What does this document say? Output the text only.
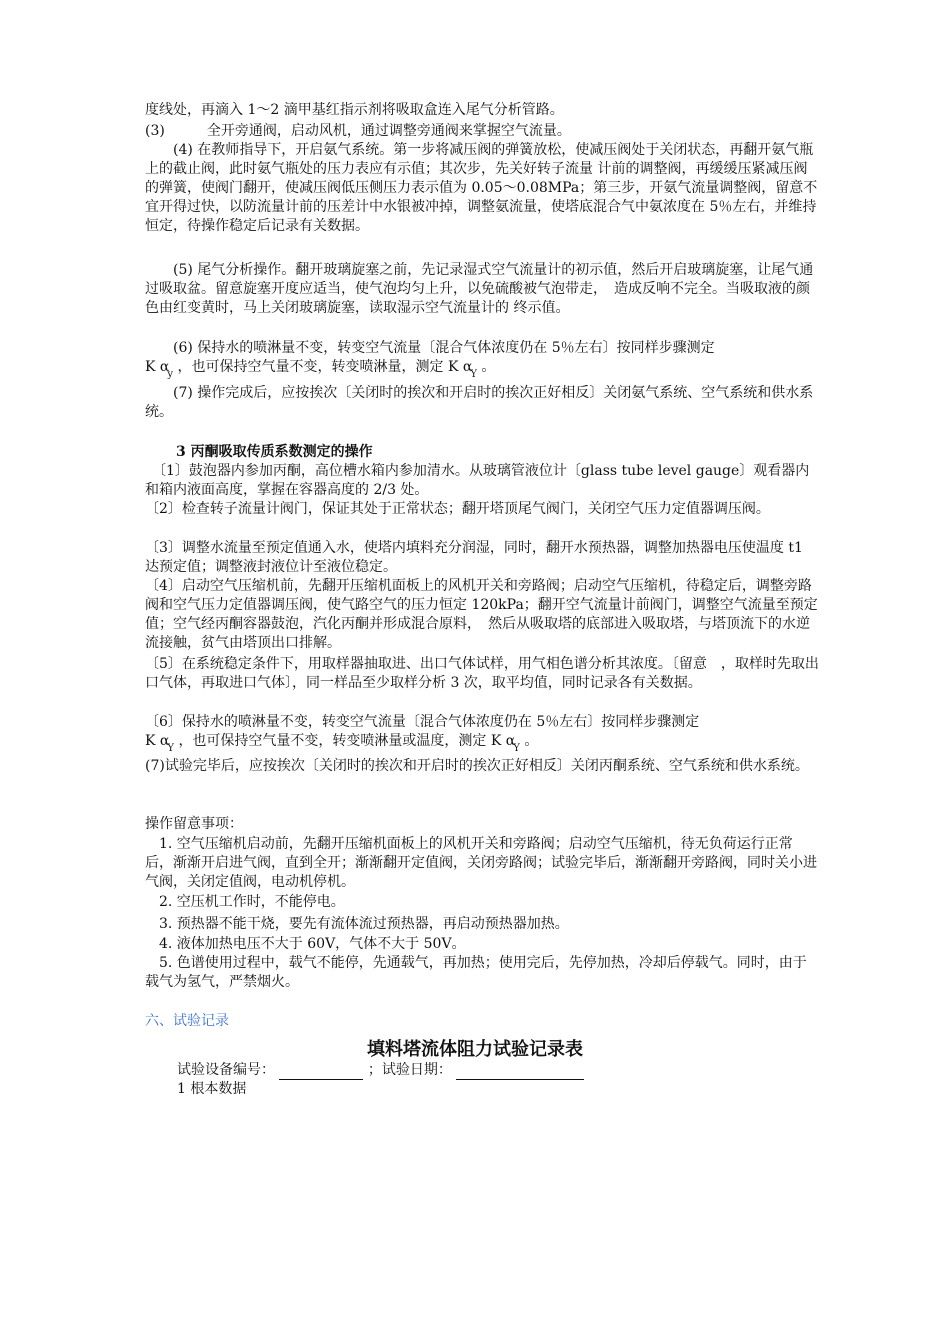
度线处，再滴入 1～2 滴甲基红指示剂将吸取盒连入尾气分析管路。
(3)　　　全开旁通阀，启动风机，通过调整旁通阀来掌握空气流量。
　　(4) 在教师指导下，开启氨气系统。第一步将减压阀的弹簧放松，使减压阀处于关闭状态，再翻开氨气瓶上的截止阀，此时氨气瓶处的压力表应有示值；其次步，先关好转子流量 计前的调整阀，再缓缓压紧减压阀的弹簧，使阀门翻开，使减压阀低压侧压力表示值为 0.05～0.08MPa；第三步，开氨气流量调整阀，留意不宜开得过快，以防流量计前的压差计中水银被冲掉，调整氨流量，使塔底混合气中氨浓度在 5％左右，并维持恒定，待操作稳定后记录有关数据。
　　(5) 尾气分析操作。翻开玻璃旋塞之前，先记录湿式空气流量计的初示值，然后开启玻璃旋塞，让尾气通过吸取盆。留意旋塞开度应适当，使气泡均匀上升，以免硫酸被气泡带走，　造成反响不完全。当吸取液的颜色由红变黄时，马上关闭玻璃旋塞，读取湿示空气流量计的 终示值。
　　(6) 保持水的喷淋量不变，转变空气流量〔混合气体浓度仍在 5％左右〕按同样步骤测定
K $\alpha_y$ ，也可保持空气量不变，转变喷淋量，测定 K $\alpha_Y$ 。
　　(7) 操作完成后，应按挨次〔关闭时的挨次和开启时的挨次正好相反〕关闭氨气系统、空气系统和供水系统。
3 丙酮吸取传质系数测定的操作
　〔1〕鼓泡器内参加丙酮，高位槽水箱内参加清水。从玻璃管液位计〔glass tube level gauge〕观看器内和箱内液面高度，掌握在容器高度的 2/3 处。
〔2〕检查转子流量计阀门，保证其处于正常状态；翻开塔顶尾气阀门，关闭空气压力定值器调压阀。
〔3〕调整水流量至预定值通入水，使塔内填料充分润湿，同时，翻开水预热器，调整加热器电压使温度 t1 达预定值；调整液封液位计至液位稳定。
〔4〕启动空气压缩机前，先翻开压缩机面板上的风机开关和旁路阀；启动空气压缩机，待稳定后，调整旁路阀和空气压力定值器调压阀，使气路空气的压力恒定 120kPa；翻开空气流量计前阀门，调整空气流量至预定值；空气经丙酮容器鼓泡，汽化丙酮并形成混合原料，　然后从吸取塔的底部进入吸取塔，与塔顶流下的水逆流接触，贫气由塔顶出口排解。
〔5〕在系统稳定条件下，用取样器抽取进、出口气体试样，用气相色谱分析其浓度。〔留意　，取样时先取出口气体，再取进口气体〕，同一样品至少取样分析 3 次，取平均值，同时记录各有关数据。
〔6〕保持水的喷淋量不变，转变空气流量〔混合气体浓度仍在 5％左右〕按同样步骤测定
K $\alpha_Y$ ，也可保持空气量不变，转变喷淋量或温度，测定 K $\alpha_Y$ 。
(7)试验完毕后，应按挨次〔关闭时的挨次和开启时的挨次正好相反〕关闭丙酮系统、空气系统和供水系统。
操作留意事项：
　1. 空气压缩机启动前，先翻开压缩机面板上的风机开关和旁路阀；启动空气压缩机，待无负荷运行正常后，渐渐开启进气阀，直到全开；渐渐翻开定值阀，关闭旁路阀；试验完毕后，渐渐翻开旁路阀，同时关小进气阀，关闭定值阀，电动机停机。
　2. 空压机工作时，不能停电。
　3. 预热器不能干烧，要先有流体流过预热器，再启动预热器加热。
　4. 液体加热电压不大于 60V，气体不大于 50V。
　5. 色谱使用过程中，载气不能停，先通载气，再加热；使用完后，先停加热，冷却后停载气。同时，由于载气为氢气，严禁烟火。
六、试验记录
填料塔流体阻力试验记录表
试验设备编号：	；试验日期：
1 根本数据
